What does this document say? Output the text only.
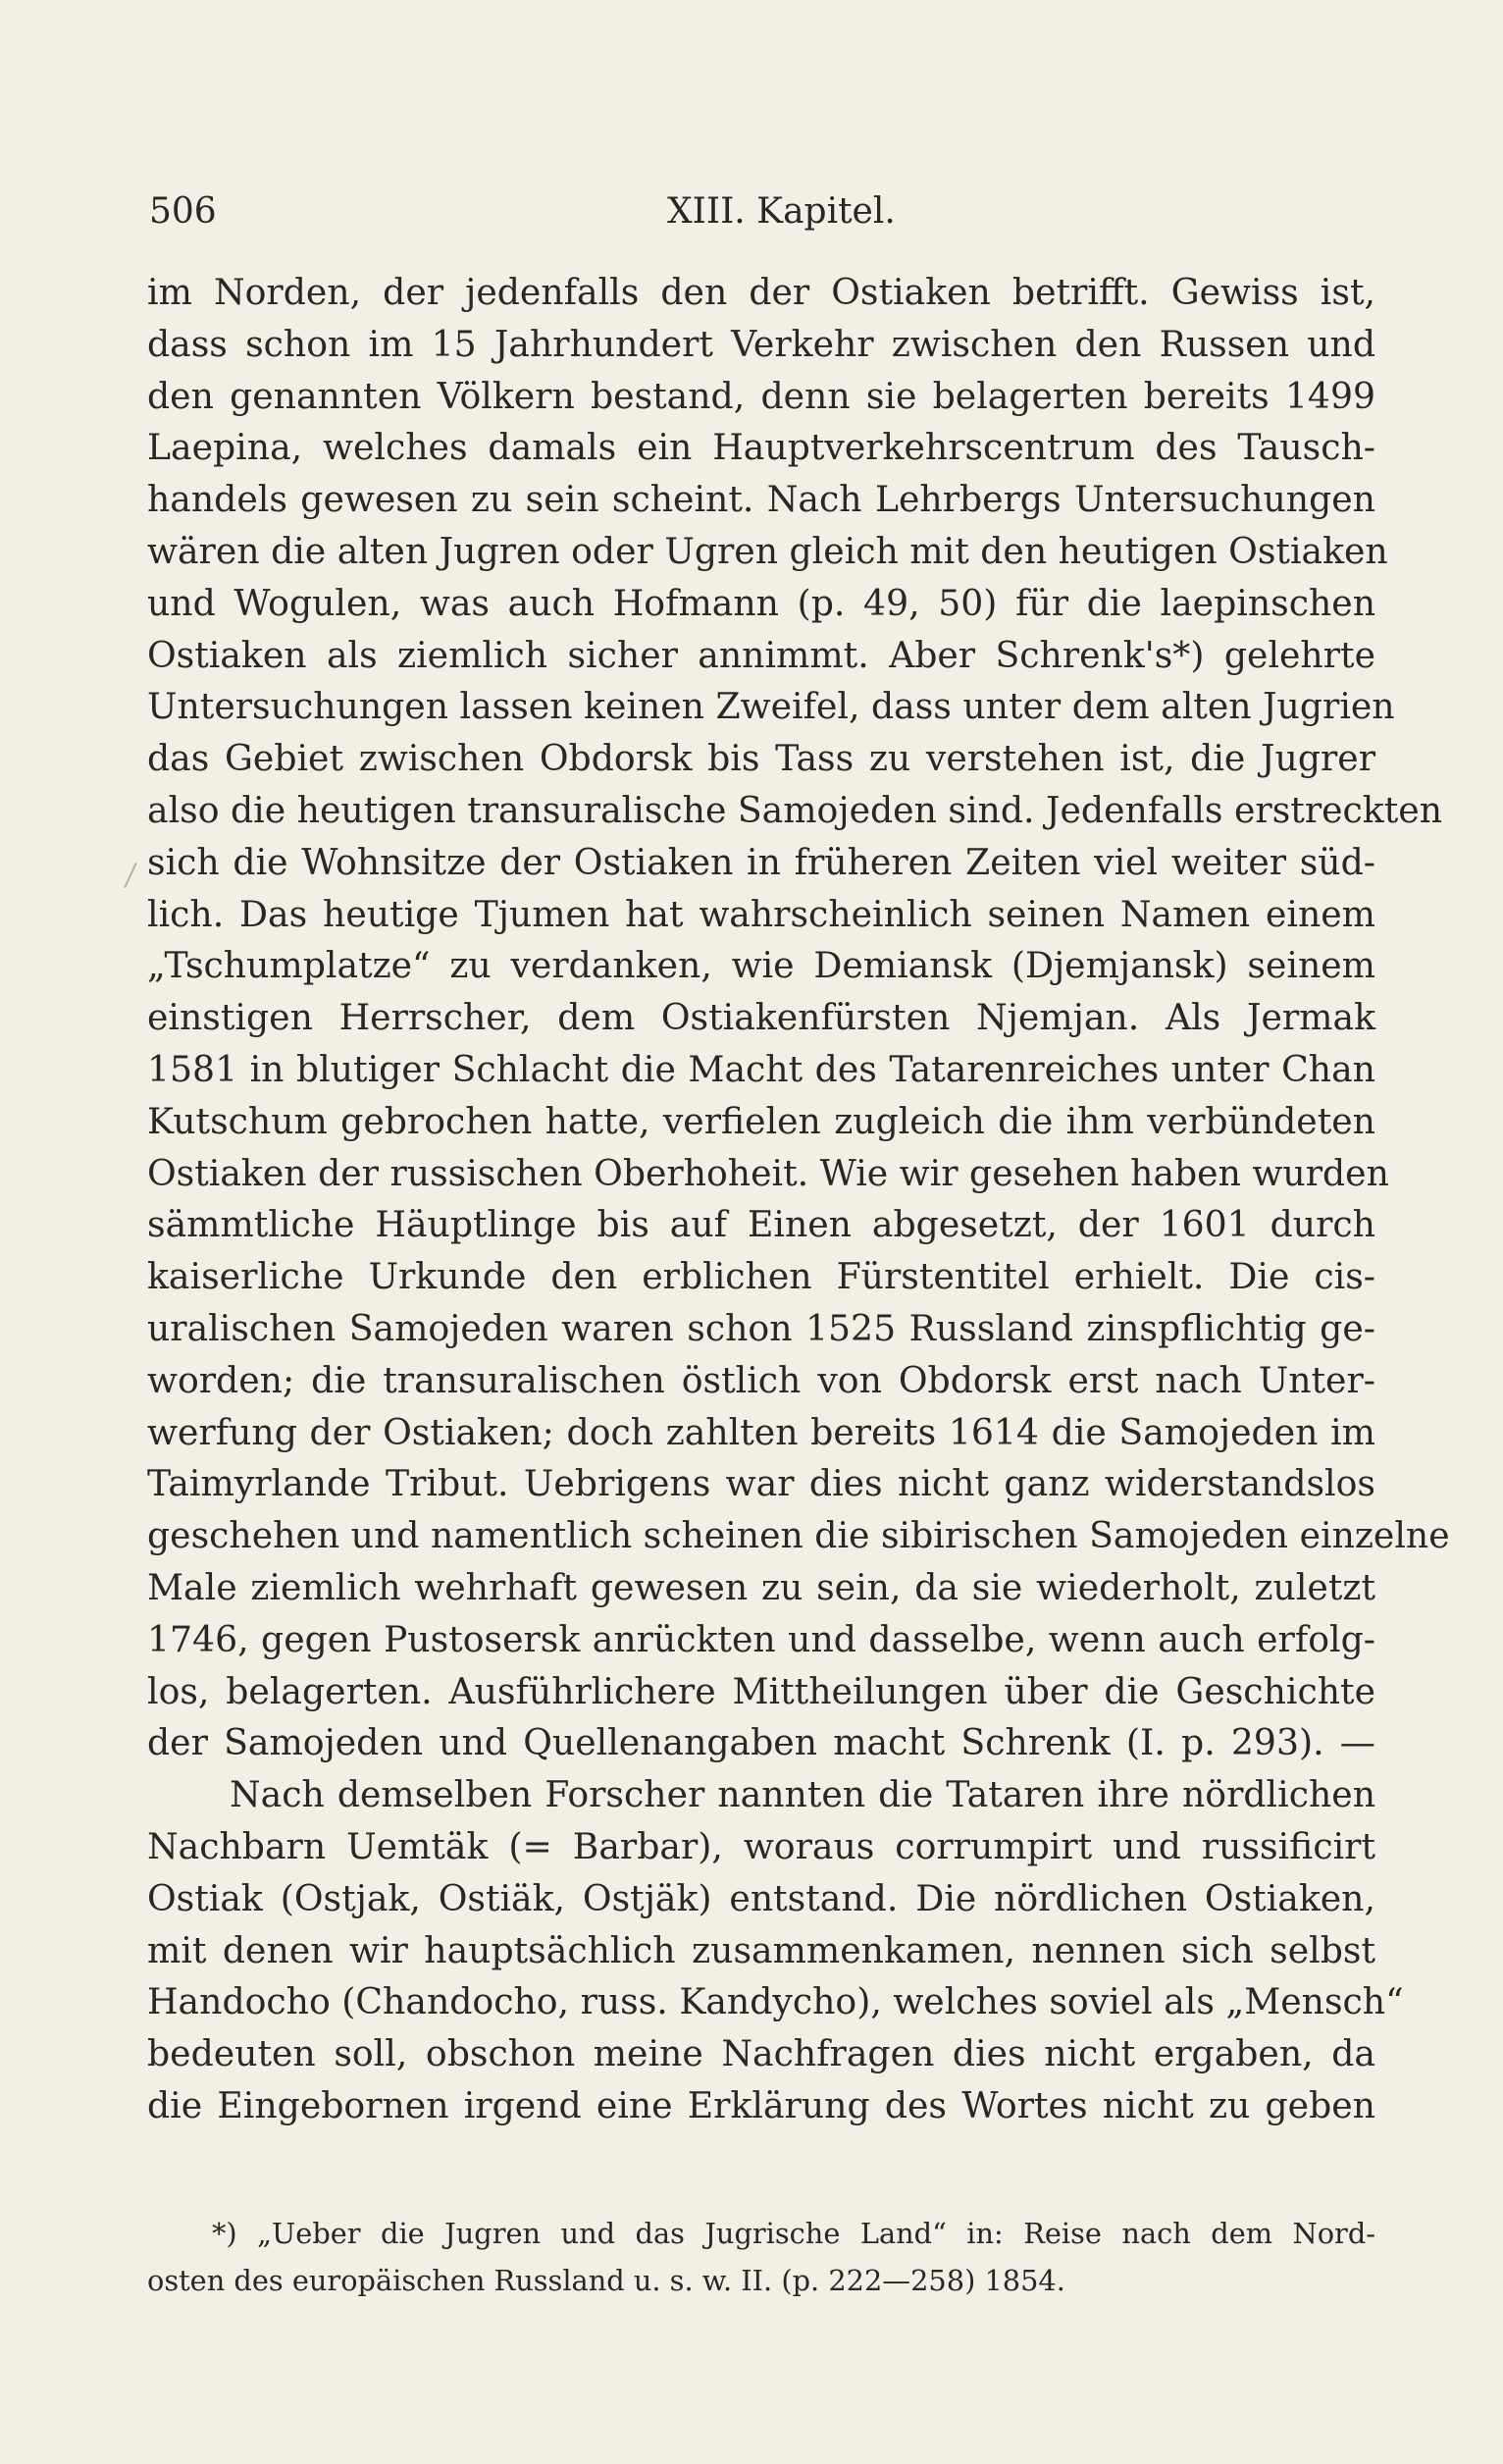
506	XIII. Kapitel.
im Norden, der jedenfalls den der Ostiaken betrifft. Gewiss ist,
dass schon im 15 Jahrhundert Verkehr zwischen den Russen und
den genannten Völkern bestand, denn sie belagerten bereits 1499
Laepina, welches damals ein Hauptverkehrscentrum des Tausch-
handels gewesen zu sein scheint. Nach Lehrbergs Untersuchungen
wären die alten Jugren oder Ugren gleich mit den heutigen Ostiaken
und Wogulen, was auch Hofmann (p. 49, 50) für die laepinschen
Ostiaken als ziemlich sicher annimmt. Aber Schrenk's*) gelehrte
Untersuchungen lassen keinen Zweifel, dass unter dem alten Jugrien
das Gebiet zwischen Obdorsk bis Tass zu verstehen ist, die Jugrer
also die heutigen transuralische Samojeden sind. Jedenfalls erstreckten
sich die Wohnsitze der Ostiaken in früheren Zeiten viel weiter süd-
lich. Das heutige Tjumen hat wahrscheinlich seinen Namen einem
„Tschumplatze“ zu verdanken, wie Demiansk (Djemjansk) seinem
einstigen Herrscher, dem Ostiakenfürsten Njemjan. Als Jermak
1581 in blutiger Schlacht die Macht des Tatarenreiches unter Chan
Kutschum gebrochen hatte, verfielen zugleich die ihm verbündeten
Ostiaken der russischen Oberhoheit. Wie wir gesehen haben wurden
sämmtliche Häuptlinge bis auf Einen abgesetzt, der 1601 durch
kaiserliche Urkunde den erblichen Fürstentitel erhielt. Die cis-
uralischen Samojeden waren schon 1525 Russland zinspflichtig ge-
worden; die transuralischen östlich von Obdorsk erst nach Unter-
werfung der Ostiaken; doch zahlten bereits 1614 die Samojeden im
Taimyrlande Tribut. Uebrigens war dies nicht ganz widerstandslos
geschehen und namentlich scheinen die sibirischen Samojeden einzelne
Male ziemlich wehrhaft gewesen zu sein, da sie wiederholt, zuletzt
1746, gegen Pustosersk anrückten und dasselbe, wenn auch erfolg-
los, belagerten. Ausführlichere Mittheilungen über die Geschichte
der Samojeden und Quellenangaben macht Schrenk (I. p. 293). —
Nach demselben Forscher nannten die Tataren ihre nördlichen
Nachbarn Uemtäk (= Barbar), woraus corrumpirt und russificirt
Ostiak (Ostjak, Ostiäk, Ostjäk) entstand. Die nördlichen Ostiaken,
mit denen wir hauptsächlich zusammenkamen, nennen sich selbst
Handocho (Chandocho, russ. Kandycho), welches soviel als „Mensch“
bedeuten soll, obschon meine Nachfragen dies nicht ergaben, da
die Eingebornen irgend eine Erklärung des Wortes nicht zu geben
*) „Ueber die Jugren und das Jugrische Land“ in: Reise nach dem Nord-
osten des europäischen Russland u. s. w. II. (p. 222—258) 1854.
